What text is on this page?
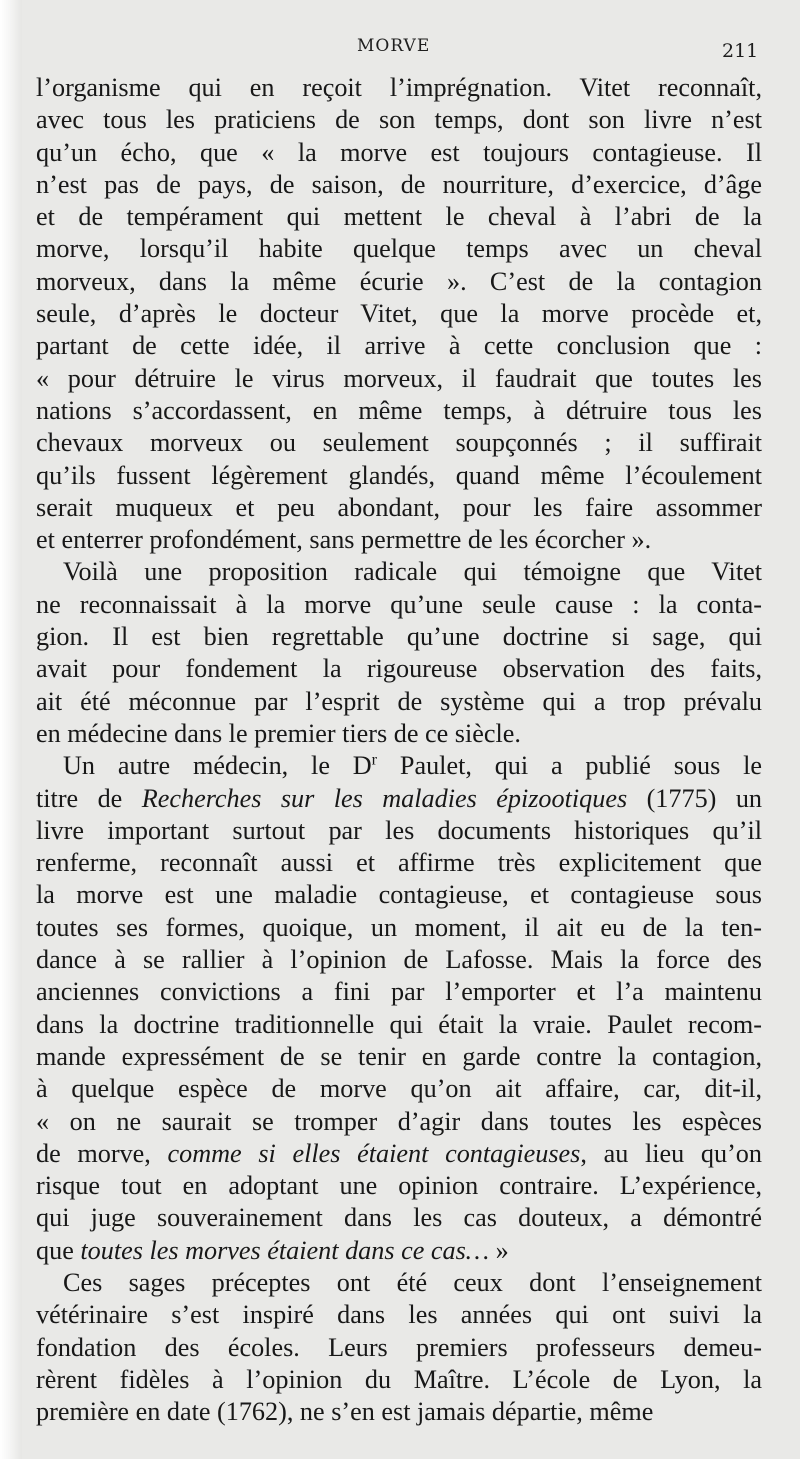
MORVE	211
l’organisme qui en reçoit l’imprégnation. Vitet reconnaît,
avec tous les praticiens de son temps, dont son livre n’est
qu’un écho, que « la morve est toujours contagieuse. Il
n’est pas de pays, de saison, de nourriture, d’exercice, d’âge
et de tempérament qui mettent le cheval à l’abri de la
morve, lorsqu’il habite quelque temps avec un cheval
morveux, dans la même écurie ». C’est de la contagion
seule, d’après le docteur Vitet, que la morve procède et,
partant de cette idée, il arrive à cette conclusion que :
« pour détruire le virus morveux, il faudrait que toutes les
nations s’accordassent, en même temps, à détruire tous les
chevaux morveux ou seulement soupçonnés ; il suffirait
qu’ils fussent légèrement glandés, quand même l’écoulement
serait muqueux et peu abondant, pour les faire assommer
et enterrer profondément, sans permettre de les écorcher ».
Voilà une proposition radicale qui témoigne que Vitet
ne reconnaissait à la morve qu’une seule cause : la conta-
gion. Il est bien regrettable qu’une doctrine si sage, qui
avait pour fondement la rigoureuse observation des faits,
ait été méconnue par l’esprit de système qui a trop prévalu
en médecine dans le premier tiers de ce siècle.
Un autre médecin, le $D^r$ Paulet, qui a publié sous le
titre de Recherches sur les maladies épizootiques (1775) un
livre important surtout par les documents historiques qu’il
renferme, reconnaît aussi et affirme très explicitement que
la morve est une maladie contagieuse, et contagieuse sous
toutes ses formes, quoique, un moment, il ait eu de la ten-
dance à se rallier à l’opinion de Lafosse. Mais la force des
anciennes convictions a fini par l’emporter et l’a maintenu
dans la doctrine traditionnelle qui était la vraie. Paulet recom-
mande expressément de se tenir en garde contre la contagion,
à quelque espèce de morve qu’on ait affaire, car, dit-il,
« on ne saurait se tromper d’agir dans toutes les espèces
de morve, comme si elles étaient contagieuses, au lieu qu’on
risque tout en adoptant une opinion contraire. L’expérience,
qui juge souverainement dans les cas douteux, a démontré
que toutes les morves étaient dans ce cas… »
Ces sages préceptes ont été ceux dont l’enseignement
vétérinaire s’est inspiré dans les années qui ont suivi la
fondation des écoles. Leurs premiers professeurs demeu-
rèrent fidèles à l’opinion du Maître. L’école de Lyon, la
première en date (1762), ne s’en est jamais départie, même
